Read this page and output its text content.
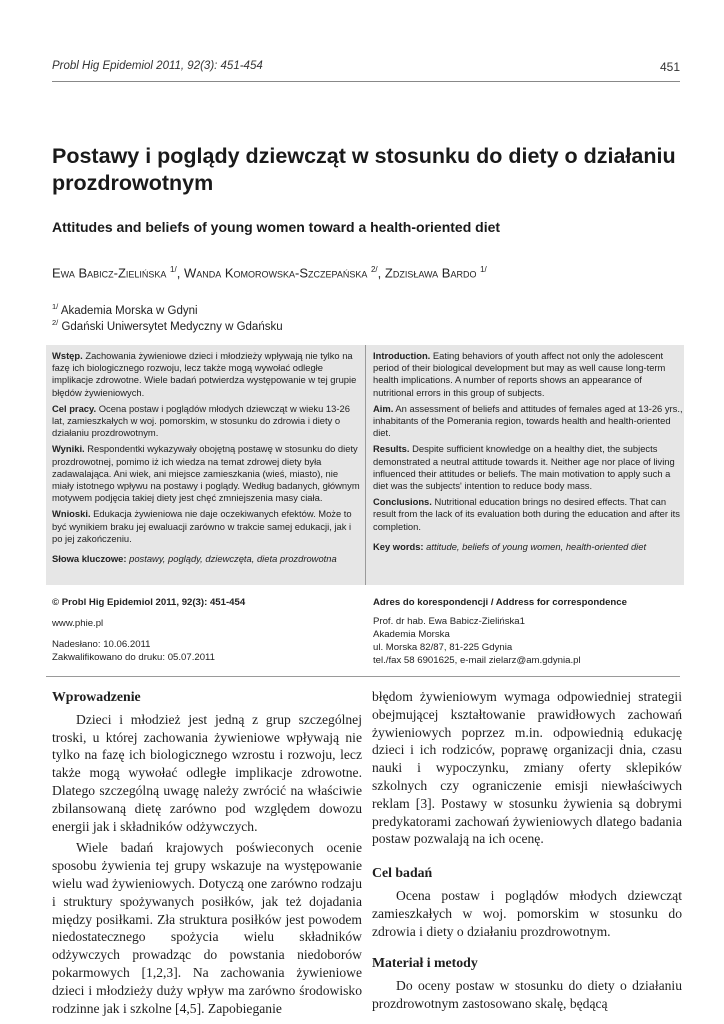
Probl Hig Epidemiol 2011, 92(3): 451-454	451
Postawy i poglądy dziewcząt w stosunku do diety o działaniu prozdrowotnym
Attitudes and beliefs of young women toward a health-oriented diet
Ewa Babicz-Zielińska $^{1/}$, Wanda Komorowska-Szczepańska $^{2/}$, Zdzisława Bardo $^{1/}$
$^{1/}$ Akademia Morska w Gdyni
$^{2/}$ Gdański Uniwersytet Medyczny w Gdańsku

Wstęp. Zachowania żywieniowe dzieci i młodzieży wpływają nie tylko na fazę ich biologicznego rozwoju, lecz także mogą wywołać odległe implikacje zdrowotne. Wiele badań potwierdza występowanie w tej grupie błędów żywieniowych.

Cel pracy. Ocena postaw i poglądów młodych dziewcząt w wieku 13-26 lat, zamieszkałych w woj. pomorskim, w stosunku do zdrowia i diety o działaniu prozdrowotnym.

Wyniki. Respondentki wykazywały obojętną postawę w stosunku do diety prozdrowotnej, pomimo iż ich wiedza na temat zdrowej diety była zadawalająca. Ani wiek, ani miejsce zamieszkania (wieś, miasto), nie miały istotnego wpływu na postawy i poglądy. Według badanych, głównym motywem podjęcia takiej diety jest chęć zmniejszenia masy ciała.

Wnioski. Edukacja żywieniowa nie daje oczekiwanych efektów. Może to być wynikiem braku jej ewaluacji zarówno w trakcie samej edukacji, jak i po jej zakończeniu.

Słowa kluczowe: postawy, poglądy, dziewczęta, dieta prozdrowotna

Introduction. Eating behaviors of youth affect not only the adolescent period of their biological development but may as well cause long-term health implications. A number of reports shows an appearance of nutritional errors in this group of subjects.

Aim. An assessment of beliefs and attitudes of females aged at 13-26 yrs., inhabitants of the Pomerania region, towards health and health-oriented diet.

Results. Despite sufficient knowledge on a healthy diet, the subjects demonstrated a neutral attitude towards it. Neither age nor place of living influenced their attitudes or beliefs. The main motivation to apply such a diet was the subjects' intention to reduce body mass.

Conclusions. Nutritional education brings no desired effects. That can result from the lack of its evaluation both during the education and after its completion.

Key words: attitude, beliefs of young women, health-oriented diet

© Probl Hig Epidemiol 2011, 92(3): 451-454
www.phie.pl
Nadesłano: 10.06.2011
Zakwalifikowano do druku: 05.07.2011
Adres do korespondencji / Address for correspondence
Prof. dr hab. Ewa Babicz-Zielińska1
Akademia Morska
ul. Morska 82/87, 81-225 Gdynia
tel./fax 58 6901625, e-mail zielarz@am.gdynia.pl
Wprowadzenie

Dzieci i młodzież jest jedną z grup szczególnej troski, u której zachowania żywieniowe wpływają nie tylko na fazę ich biologicznego wzrostu i rozwoju, lecz także mogą wywołać odległe implikacje zdrowotne. Dlatego szczególną uwagę należy zwrócić na właściwie zbilansowaną dietę zarówno pod względem dowozu energii jak i składników odżywczych.

Wiele badań krajowych poświeconych ocenie sposobu żywienia tej grupy wskazuje na występowanie wielu wad żywieniowych. Dotyczą one zarówno rodzaju i struktury spożywanych posiłków, jak też dojadania między posiłkami. Zła struktura posiłków jest powodem niedostatecznego spożycia wielu składników odżywczych prowadząc do powstania niedoborów pokarmowych [1,2,3]. Na zachowania żywieniowe dzieci i młodzieży duży wpływ ma zarówno środowisko rodzinne jak i szkolne [4,5]. Zapobieganie

błędom żywieniowym wymaga odpowiedniej strategii obejmującej kształtowanie prawidłowych zachowań żywieniowych poprzez m.in. odpowiednią edukację dzieci i ich rodziców, poprawę organizacji dnia, czasu nauki i wypoczynku, zmiany oferty sklepików szkolnych czy ograniczenie emisji niewłaściwych reklam [3]. Postawy w stosunku żywienia są dobrymi predykatorami zachowań żywieniowych dlatego badania postaw pozwalają na ich ocenę.

Cel badań

Ocena postaw i poglądów młodych dziewcząt zamieszkałych w woj. pomorskim w stosunku do zdrowia i diety o działaniu prozdrowotnym.

Materiał i metody

Do oceny postaw w stosunku do diety o działaniu prozdrowotnym zastosowano skalę, będącą
